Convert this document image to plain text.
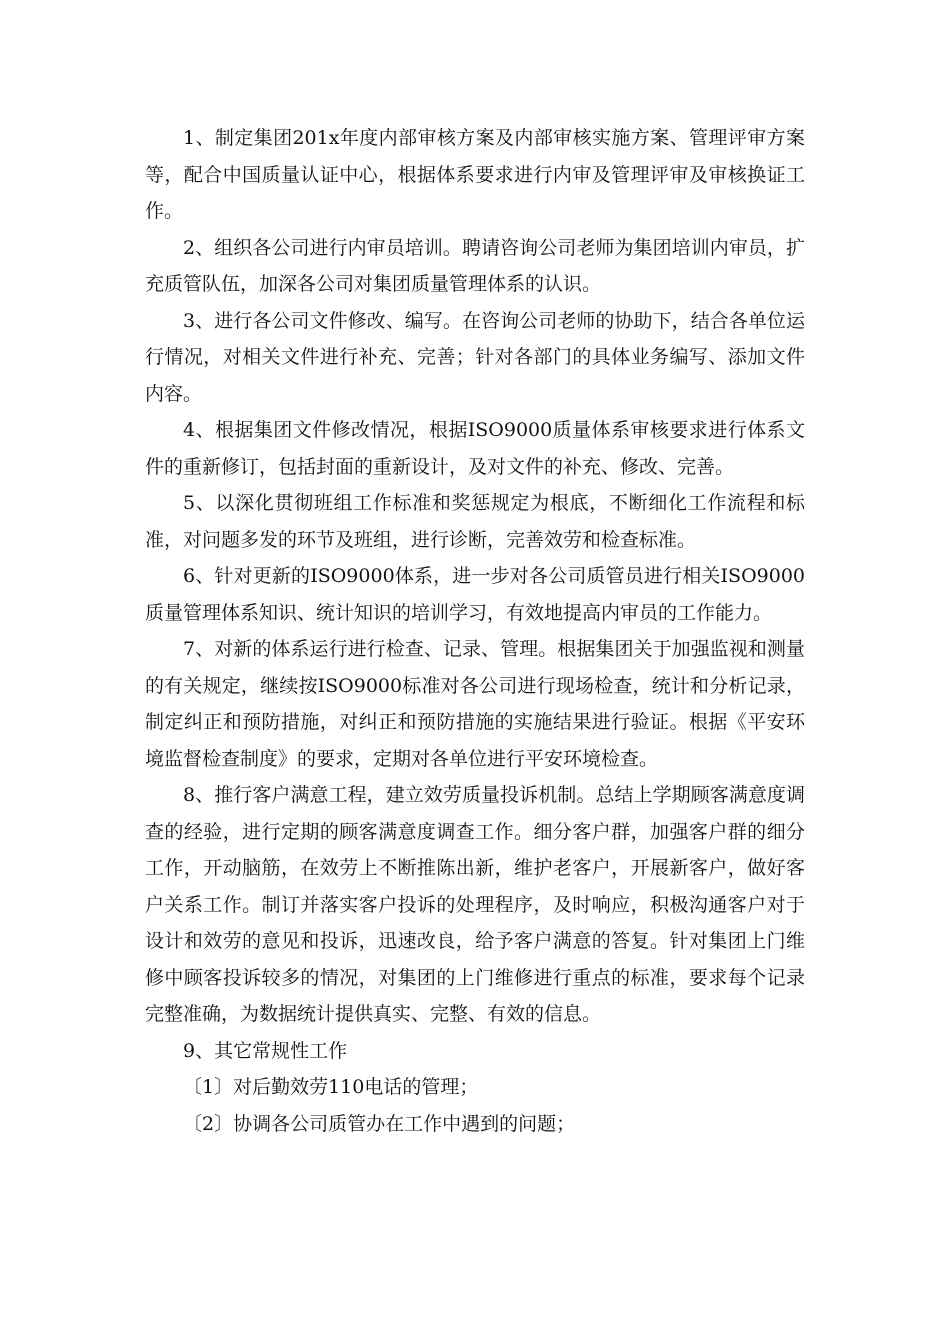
1、制定集团201x年度内部审核方案及内部审核实施方案、管理评审方案等，配合中国质量认证中心，根据体系要求进行内审及管理评审及审核换证工作。

2、组织各公司进行内审员培训。聘请咨询公司老师为集团培训内审员，扩充质管队伍，加深各公司对集团质量管理体系的认识。

3、进行各公司文件修改、编写。在咨询公司老师的协助下，结合各单位运行情况，对相关文件进行补充、完善；针对各部门的具体业务编写、添加文件内容。

4、根据集团文件修改情况，根据ISO9000质量体系审核要求进行体系文件的重新修订，包括封面的重新设计，及对文件的补充、修改、完善。

5、以深化贯彻班组工作标准和奖惩规定为根底，不断细化工作流程和标准，对问题多发的环节及班组，进行诊断，完善效劳和检查标准。

6、针对更新的ISO9000体系，进一步对各公司质管员进行相关ISO9000质量管理体系知识、统计知识的培训学习，有效地提高内审员的工作能力。

7、对新的体系运行进行检查、记录、管理。根据集团关于加强监视和测量的有关规定，继续按ISO9000标准对各公司进行现场检查，统计和分析记录，制定纠正和预防措施，对纠正和预防措施的实施结果进行验证。根据《平安环境监督检查制度》的要求，定期对各单位进行平安环境检查。

8、推行客户满意工程，建立效劳质量投诉机制。总结上学期顾客满意度调查的经验，进行定期的顾客满意度调查工作。细分客户群，加强客户群的细分工作，开动脑筋，在效劳上不断推陈出新，维护老客户，开展新客户，做好客户关系工作。制订并落实客户投诉的处理程序，及时响应，积极沟通客户对于设计和效劳的意见和投诉，迅速改良，给予客户满意的答复。针对集团上门维修中顾客投诉较多的情况，对集团的上门维修进行重点的标准，要求每个记录完整准确，为数据统计提供真实、完整、有效的信息。

9、其它常规性工作

〔1〕对后勤效劳110电话的管理；

〔2〕协调各公司质管办在工作中遇到的问题；
